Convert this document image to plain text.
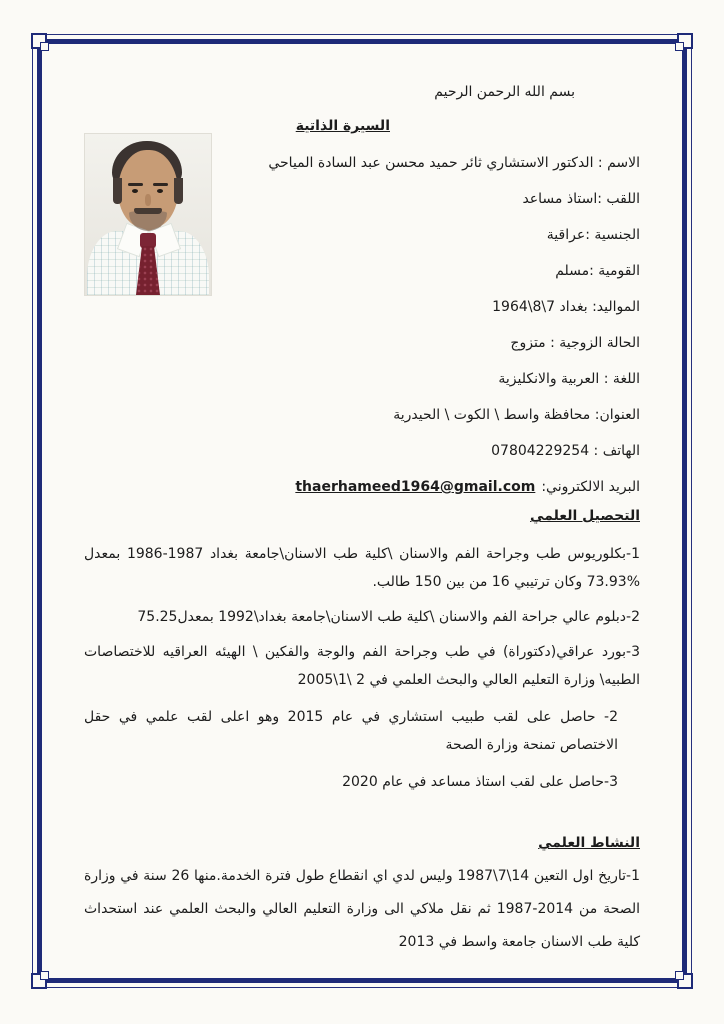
بسم الله الرحمن الرحيم

السيرة الذاتية

الاسم : الدكتور الاستشاري ثائر حميد محسن عبد السادة المياحي

اللقب :استاذ مساعد

الجنسية :عراقية

القومية :مسلم

المواليد: بغداد 7\8\1964

الحالة الزوجية : متزوج

اللغة : العربية والانكليزية

العنوان: محافظة واسط \ الكوت \ الحيدرية

الهاتف : 07804229254

البريد الالكتروني:thaerhameed1964@gmail.com

التحصيل العلمي

1-بكلوريوس طب وجراحة الفم والاسنان \كلية طب الاسنان\جامعة بغداد 1987-1986 بمعدل %73.93 وكان ترتيبي 16 من بين 150 طالب.

2-دبلوم عالي جراحة الفم والاسنان \كلية طب الاسنان\جامعة بغداد\1992 بمعدل75.25

3-بورد عراقي(دكتوراة) في طب وجراحة الفم والوجة والفكين \ الهيئه العراقيه للاختصاصات الطبيه\ وزارة التعليم العالي والبحث العلمي في 2 \1\2005

2- حاصل على لقب طبيب استشاري في عام 2015 وهو اعلى لقب علمي في حقل الاختصاص تمنحة وزارة الصحة

3-حاصل على لقب استاذ مساعد في عام 2020

النشاط العلمي

1-تاريخ اول التعين 14\7\1987 وليس لدي اي انقطاع طول فترة الخدمة.منها 26 سنة في وزارة الصحة من 2014-1987 ثم نقل ملاكي الى وزارة التعليم العالي والبحث العلمي عند استحداث كلية طب الاسنان جامعة واسط في 2013
